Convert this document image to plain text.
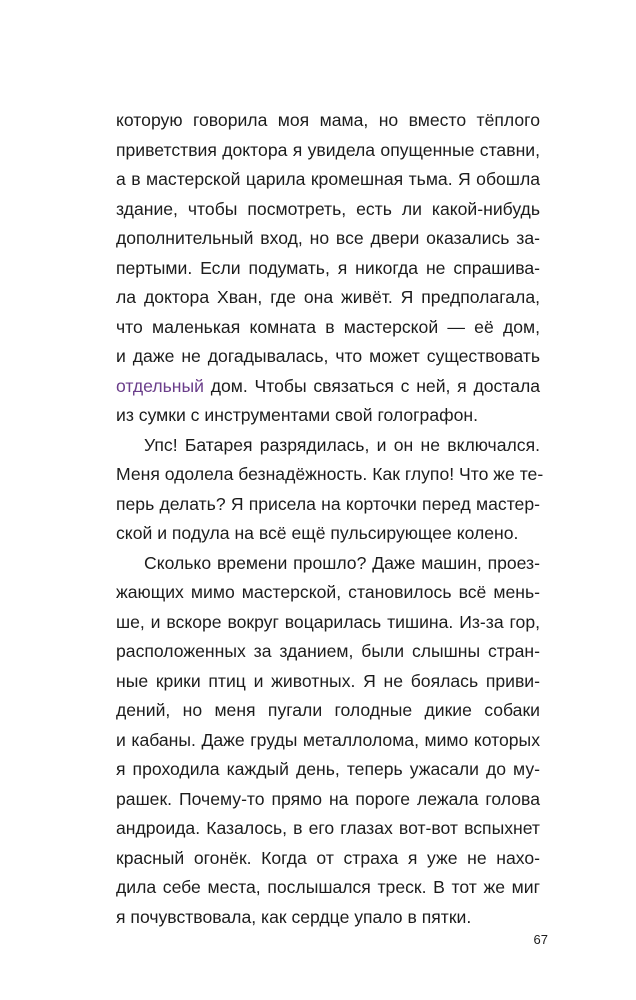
которую говорила моя мама, но вместо тёплого
приветствия доктора я увидела опущенные ставни,
а в мастерской царила кромешная тьма. Я обошла
здание, чтобы посмотреть, есть ли какой-нибудь
дополнительный вход, но все двери оказались за-
пертыми. Если подумать, я никогда не спрашива-
ла доктора Хван, где она живёт. Я предполагала,
что маленькая комната в мастерской — её дом,
и даже не догадывалась, что может существовать
отдельный дом. Чтобы связаться с ней, я достала
из сумки с инструментами свой голографон.
Упс! Батарея разрядилась, и он не включался.
Меня одолела безнадёжность. Как глупо! Что же те-
перь делать? Я присела на корточки перед мастер-
ской и подула на всё ещё пульсирующее колено.
Сколько времени прошло? Даже машин, проез-
жающих мимо мастерской, становилось всё мень-
ше, и вскоре вокруг воцарилась тишина. Из-за гор,
расположенных за зданием, были слышны стран-
ные крики птиц и животных. Я не боялась приви-
дений, но меня пугали голодные дикие собаки
и кабаны. Даже груды металлолома, мимо которых
я проходила каждый день, теперь ужасали до му-
рашек. Почему-то прямо на пороге лежала голова
андроида. Казалось, в его глазах вот-вот вспыхнет
красный огонёк. Когда от страха я уже не нахо-
дила себе места, послышался треск. В тот же миг
я почувствовала, как сердце упало в пятки.
67
